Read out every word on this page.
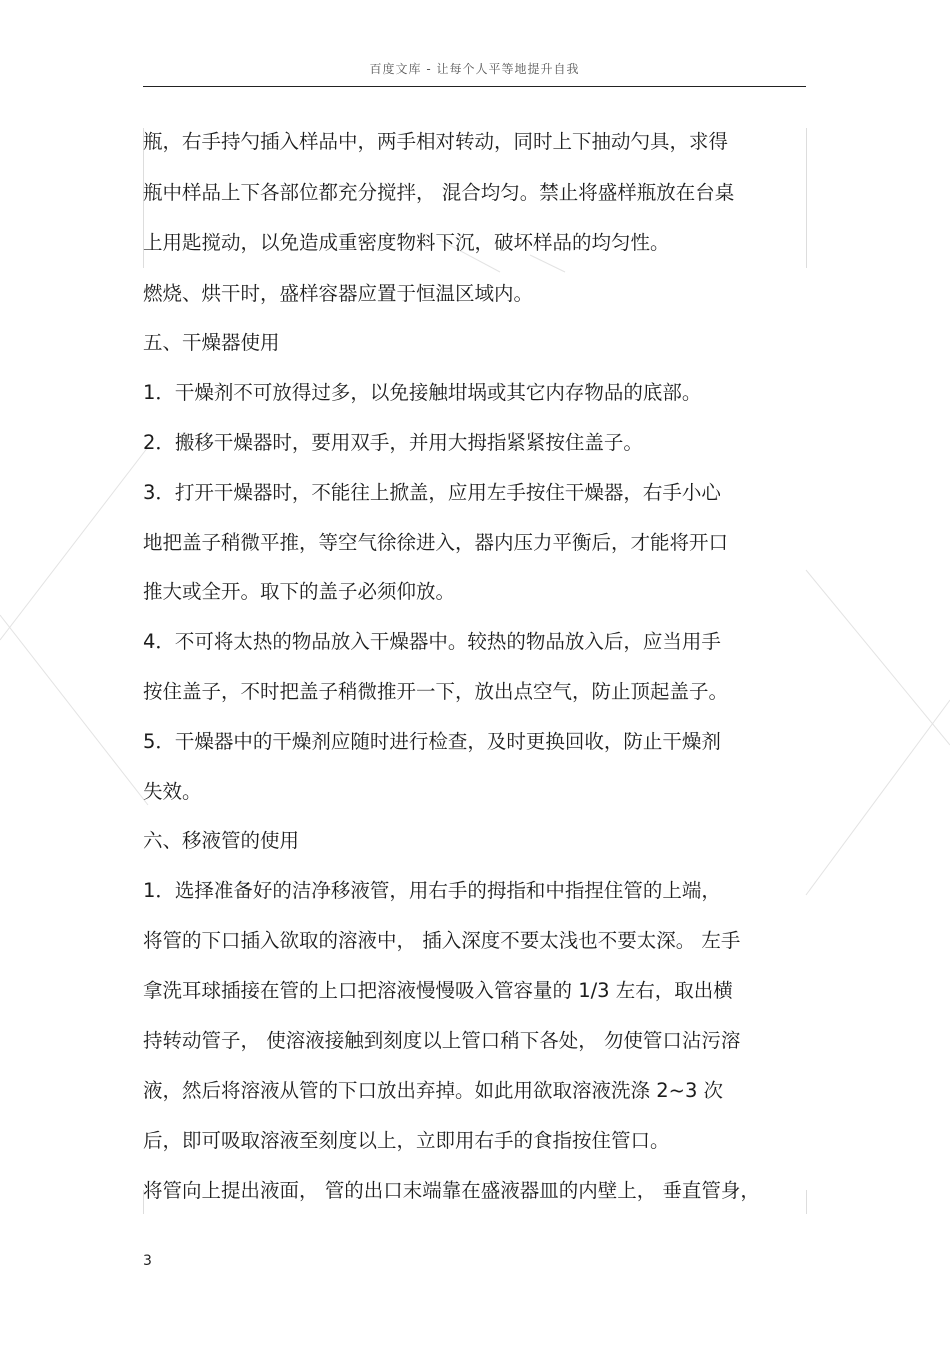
百度文库 - 让每个人平等地提升自我
瓶，右手持勺插入样品中，两手相对转动，同时上下抽动勺具，求得
瓶中样品上下各部位都充分搅拌， 混合均匀。禁止将盛样瓶放在台桌
上用匙搅动，以免造成重密度物料下沉，破坏样品的均匀性。
燃烧、烘干时，盛样容器应置于恒温区域内。
五、干燥器使用
1．干燥剂不可放得过多，以免接触坩埚或其它内存物品的底部。
2．搬移干燥器时，要用双手，并用大拇指紧紧按住盖子。
3．打开干燥器时，不能往上掀盖，应用左手按住干燥器，右手小心
地把盖子稍微平推，等空气徐徐进入，器内压力平衡后，才能将开口
推大或全开。取下的盖子必须仰放。
4．不可将太热的物品放入干燥器中。较热的物品放入后，应当用手
按住盖子，不时把盖子稍微推开一下，放出点空气，防止顶起盖子。
5．干燥器中的干燥剂应随时进行检查，及时更换回收，防止干燥剂
失效。
六、移液管的使用
1．选择准备好的洁净移液管，用右手的拇指和中指捏住管的上端，
将管的下口插入欲取的溶液中， 插入深度不要太浅也不要太深。 左手
拿洗耳球插接在管的上口把溶液慢慢吸入管容量的 1/3 左右，取出横
持转动管子， 使溶液接触到刻度以上管口稍下各处， 勿使管口沾污溶
液，然后将溶液从管的下口放出弃掉。如此用欲取溶液洗涤 2~3 次
后，即可吸取溶液至刻度以上，立即用右手的食指按住管口。
将管向上提出液面， 管的出口末端靠在盛液器皿的内壁上， 垂直管身，
3
